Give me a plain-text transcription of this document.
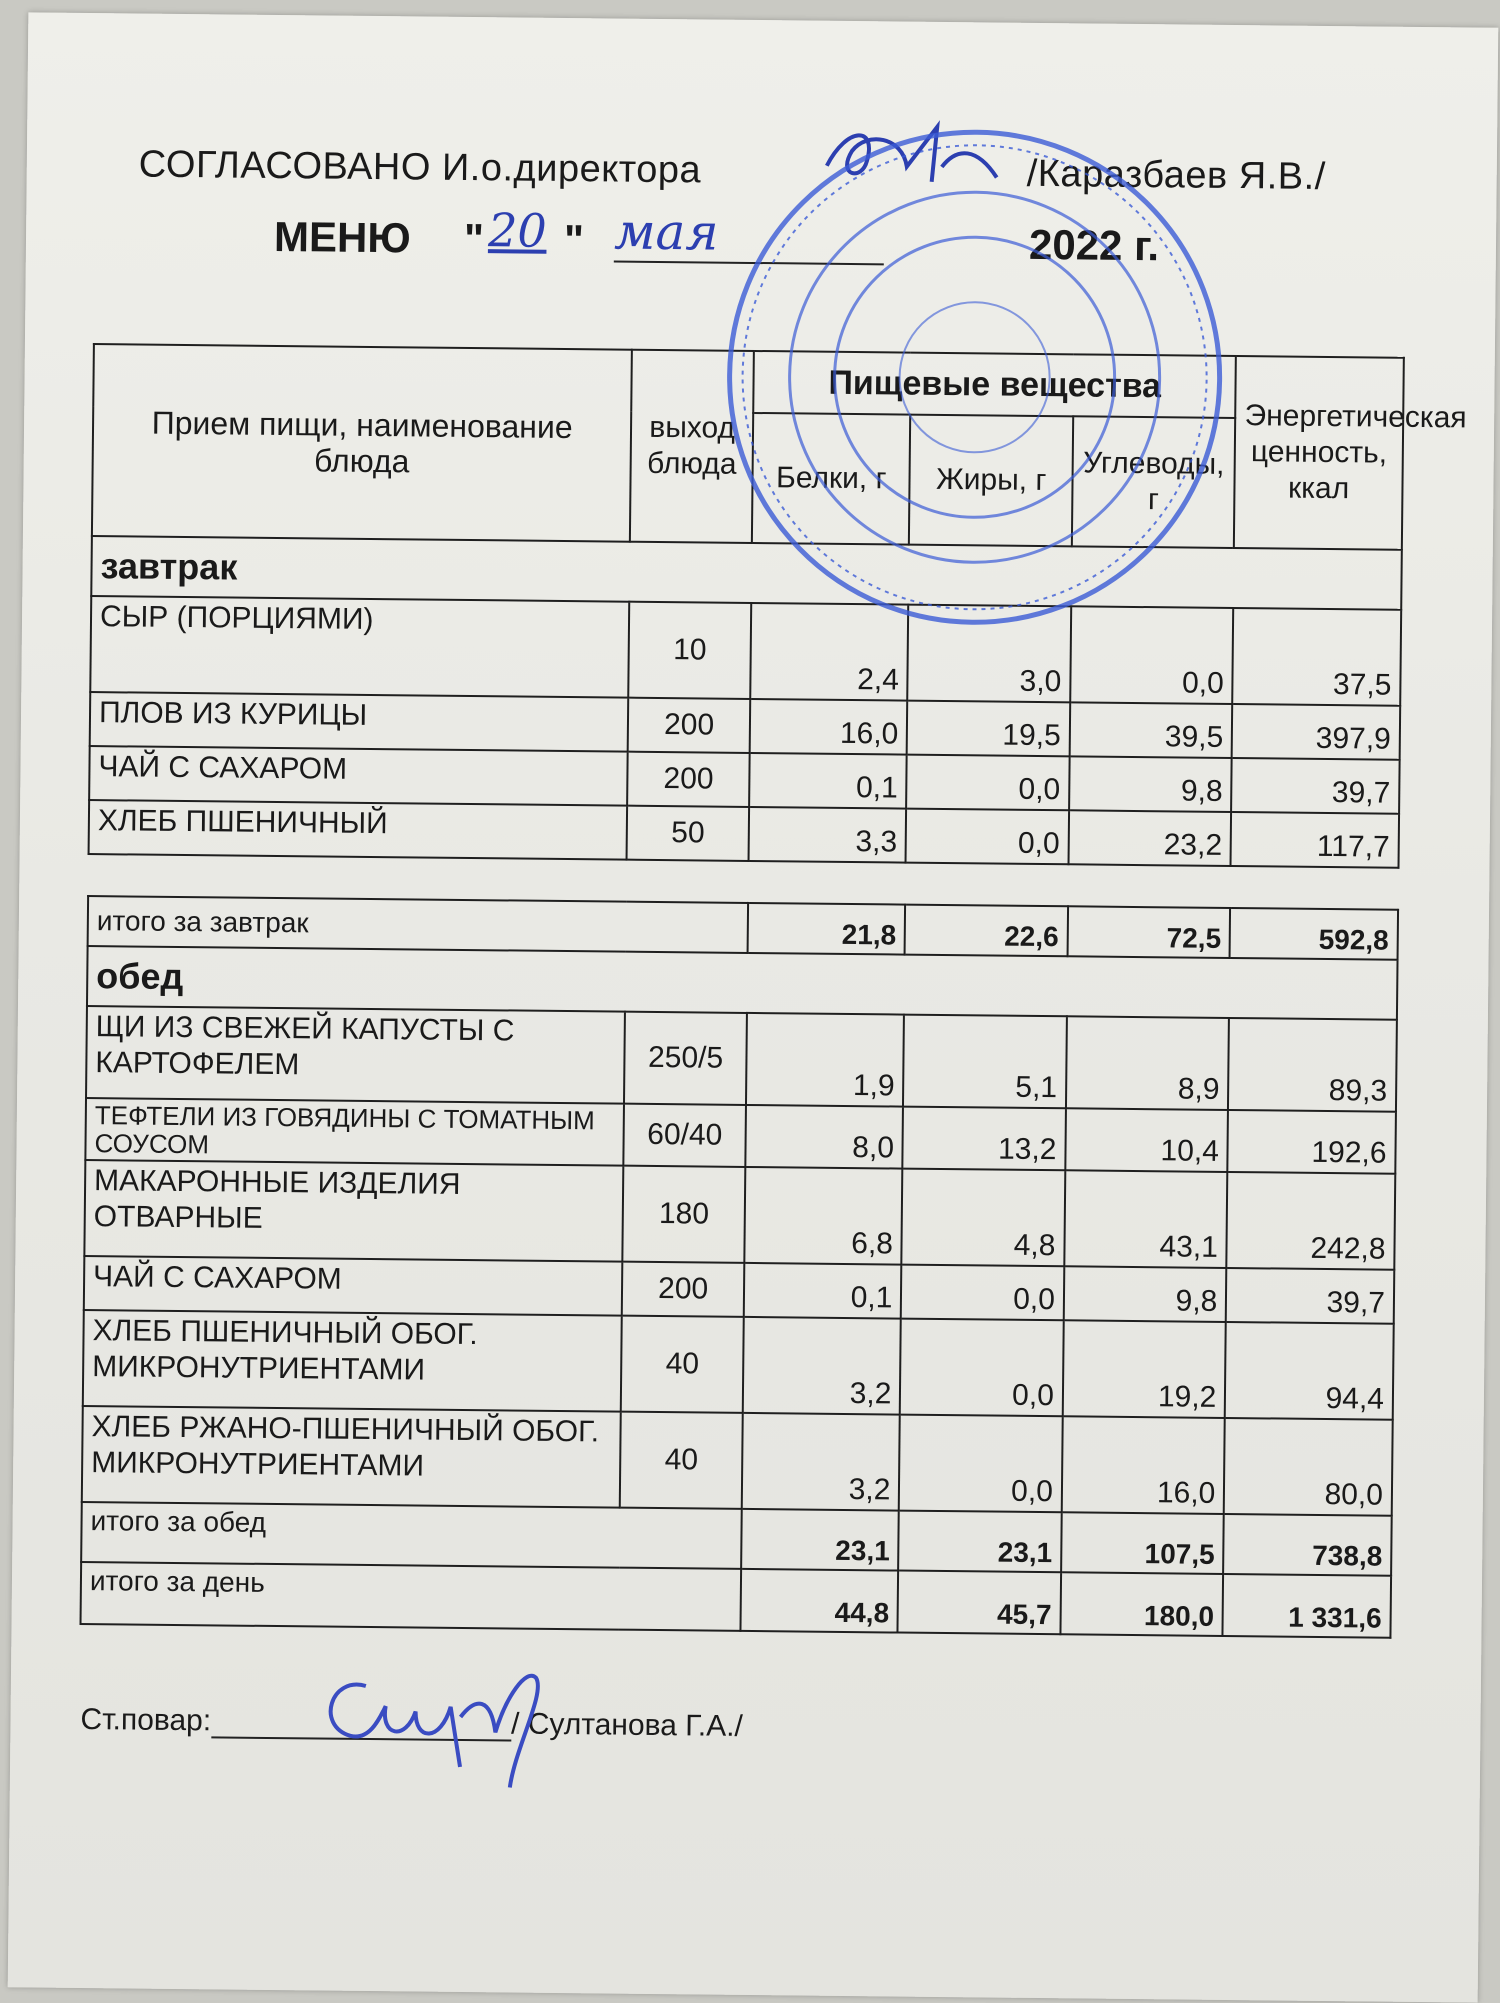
СОГЛАСОВАНО И.о.директора	/Каразбаев Я.В./
МЕНЮ " 20 " мая	2022 г.
Прием пищи, наименование блюда	выход блюда	Пищевые вещества			Энергетическая ценность, ккал
		Белки, г	Жиры, г	Углеводы, г	
завтрак					
СЫР (ПОРЦИЯМИ)	10	2,4	3,0	0,0	37,5
ПЛОВ ИЗ КУРИЦЫ	200	16,0	19,5	39,5	397,9
ЧАЙ С САХАРОМ	200	0,1	0,0	9,8	39,7
ХЛЕБ ПШЕНИЧНЫЙ	50	3,3	0,0	23,2	117,7

итого за завтрак		21,8	22,6	72,5	592,8
обед					
ЩИ ИЗ СВЕЖЕЙ КАПУСТЫ С КАРТОФЕЛЕМ	250/5	1,9	5,1	8,9	89,3
ТЕФТЕЛИ ИЗ ГОВЯДИНЫ С ТОМАТНЫМ СОУСОМ	60/40	8,0	13,2	10,4	192,6
МАКАРОННЫЕ ИЗДЕЛИЯ ОТВАРНЫЕ	180	6,8	4,8	43,1	242,8
ЧАЙ С САХАРОМ	200	0,1	0,0	9,8	39,7
ХЛЕБ ПШЕНИЧНЫЙ ОБОГ. МИКРОНУТРИЕНТАМИ	40	3,2	0,0	19,2	94,4
ХЛЕБ РЖАНО-ПШЕНИЧНЫЙ ОБОГ. МИКРОНУТРИЕНТАМИ	40	3,2	0,0	16,0	80,0
итого за обед		23,1	23,1	107,5	738,8
итого за день		44,8	45,7	180,0	1 331,6
Ст.повар:	/ Султанова Г.А./
